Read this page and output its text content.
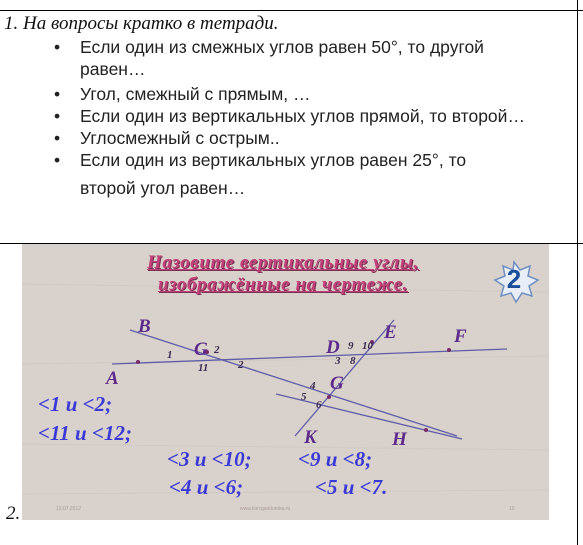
1. На вопросы кратко в тетради.
• Если один из смежных углов равен 50°, то другой
равен…
• Угол, смежный с прямым, …
• Если один из вертикальных углов прямой, то второй…
• Углосмежный с острым..
• Если один из вертикальных углов равен 25°, то
второй угол равен…
2.
Назовите вертикальные углы,
изображённые на чертеже.	2
B
A
G	D
E	F
G
K	H
1	2
11	2
9 10
3 8
4
5
6
<1 и <2;
<11 и <12;
<3 и <10; <9 и <8;
<4 и <6;	<5 и <7.
13.07.2012	www.konspekturoka.ru	10
